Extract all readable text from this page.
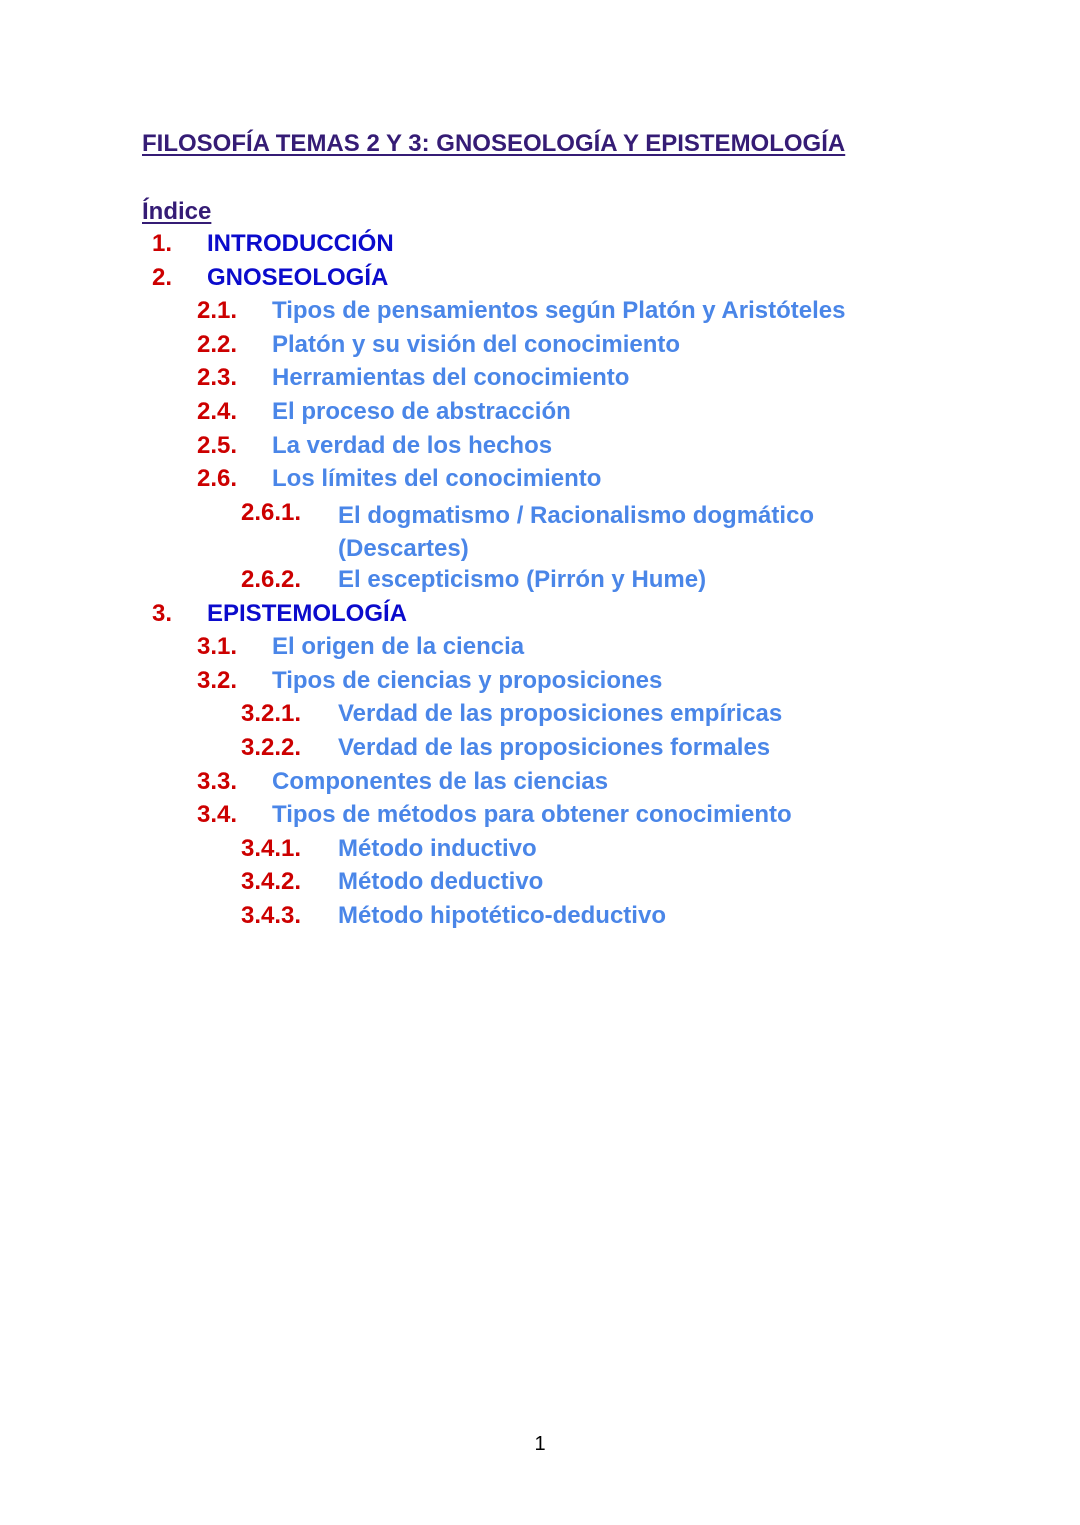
FILOSOFÍA TEMAS 2 Y 3: GNOSEOLOGÍA Y EPISTEMOLOGÍA
Índice
1. INTRODUCCIÓN
2. GNOSEOLOGÍA
2.1. Tipos de pensamientos según Platón y Aristóteles
2.2. Platón y su visión del conocimiento
2.3. Herramientas del conocimiento
2.4. El proceso de abstracción
2.5. La verdad de los hechos
2.6. Los límites del conocimiento
2.6.1. El dogmatismo / Racionalismo dogmático (Descartes)
2.6.2. El escepticismo (Pirrón y Hume)
3. EPISTEMOLOGÍA
3.1. El origen de la ciencia
3.2. Tipos de ciencias y proposiciones
3.2.1. Verdad de las proposiciones empíricas
3.2.2. Verdad de las proposiciones formales
3.3. Componentes de las ciencias
3.4. Tipos de métodos para obtener conocimiento
3.4.1. Método inductivo
3.4.2. Método deductivo
3.4.3. Método hipotético-deductivo
1
